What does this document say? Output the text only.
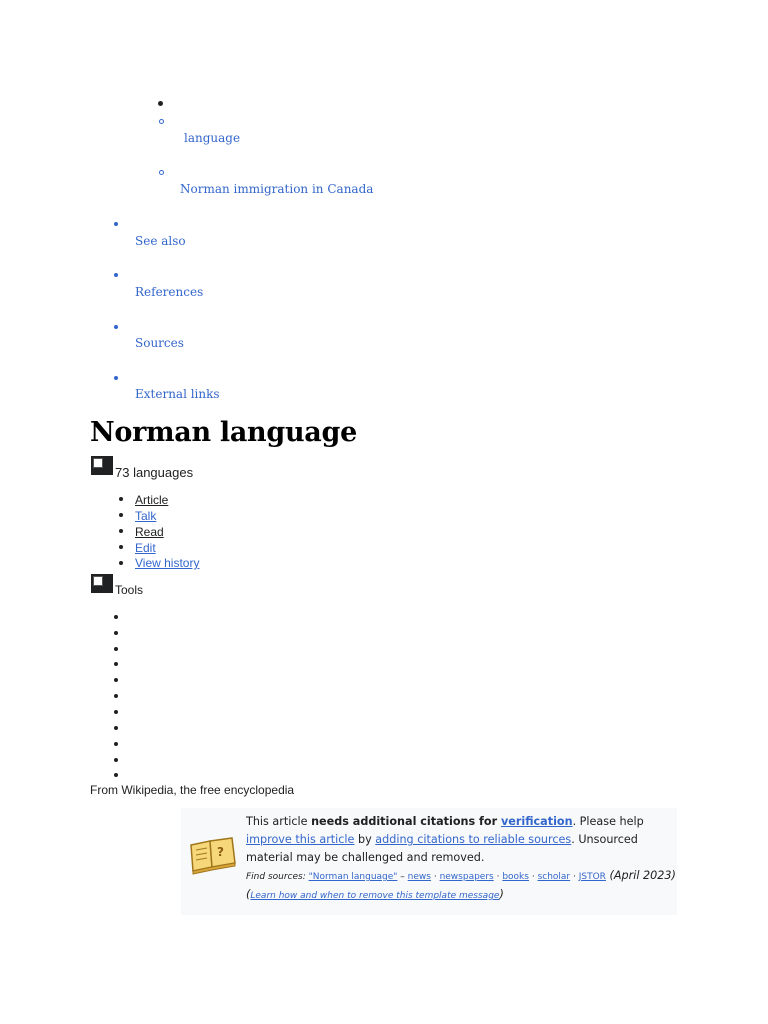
language
Norman immigration in Canada
See also
References
Sources
External links
Norman language
73 languages
Article
Talk
Read
Edit
View history
Tools
From Wikipedia, the free encyclopedia
?
This article needs additional citations for verification. Please help improve this article by adding citations to reliable sources. Unsourced material may be challenged and removed.
Find sources: "Norman language" – news · newspapers · books · scholar · JSTOR (April 2023) (Learn how and when to remove this template message)
